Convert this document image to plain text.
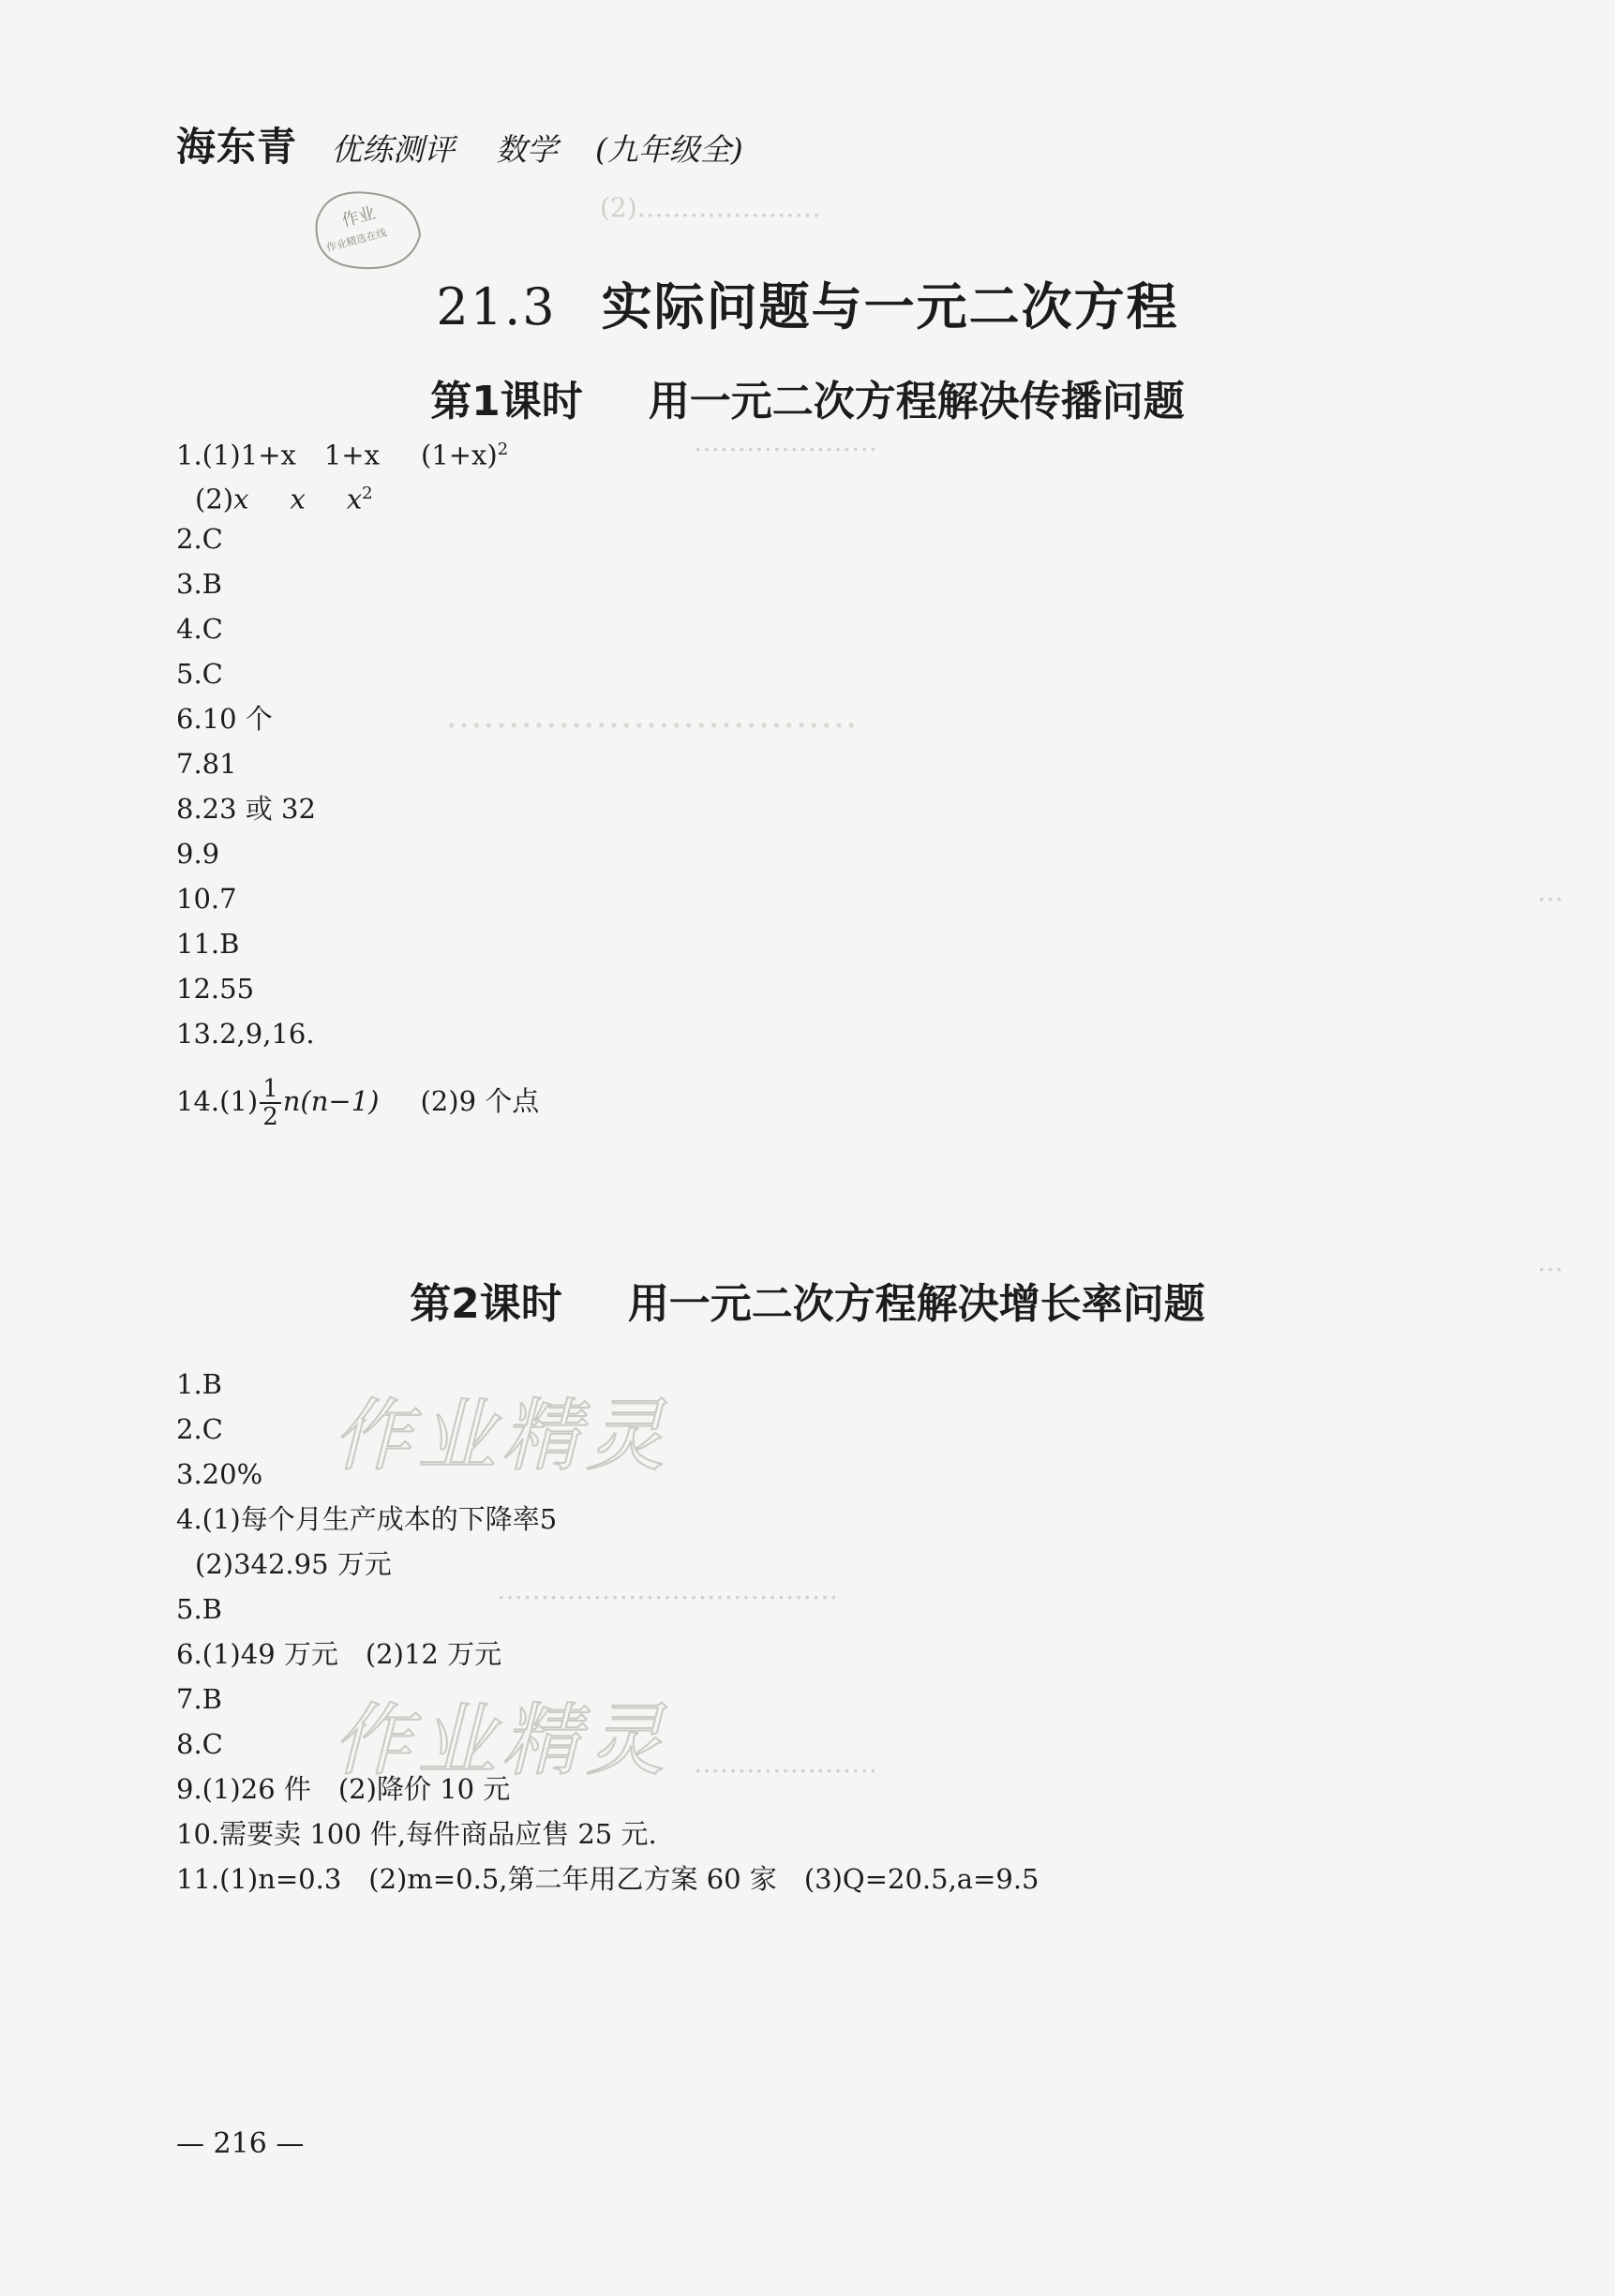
(2)…………………
…………………
……………………………
…
…
…………………………………
…………………
海东青 优练测评 数学 (九年级全)
作业
作业精选在线
21.3 实际问题与一元二次方程
第1课时 用一元二次方程解决传播问题
1.(1)1+x 1+x $(1+x)^2$
(2)x x $x^2$
2.C
3.B
4.C
5.C
6.10 个
7.81
8.23 或 32
9.9
10.7
11.B
12.55
13.2,9,16.
$14.(1) \frac{1}{2} n(n-1)$ (2)9 个点
第2课时 用一元二次方程解决增长率问题
作业精灵
作业精灵
1.B
2.C
3.20%
4.(1)每个月生产成本的下降率5
(2)342.95 万元
5.B
6.(1)49 万元　(2)12 万元
7.B
8.C
9.(1)26 件　(2)降价 10 元
10.需要卖 100 件,每件商品应售 25 元.
11.(1)n=0.3　(2)m=0.5,第二年用乙方案 60 家　(3)Q=20.5,a=9.5
— 216 —
